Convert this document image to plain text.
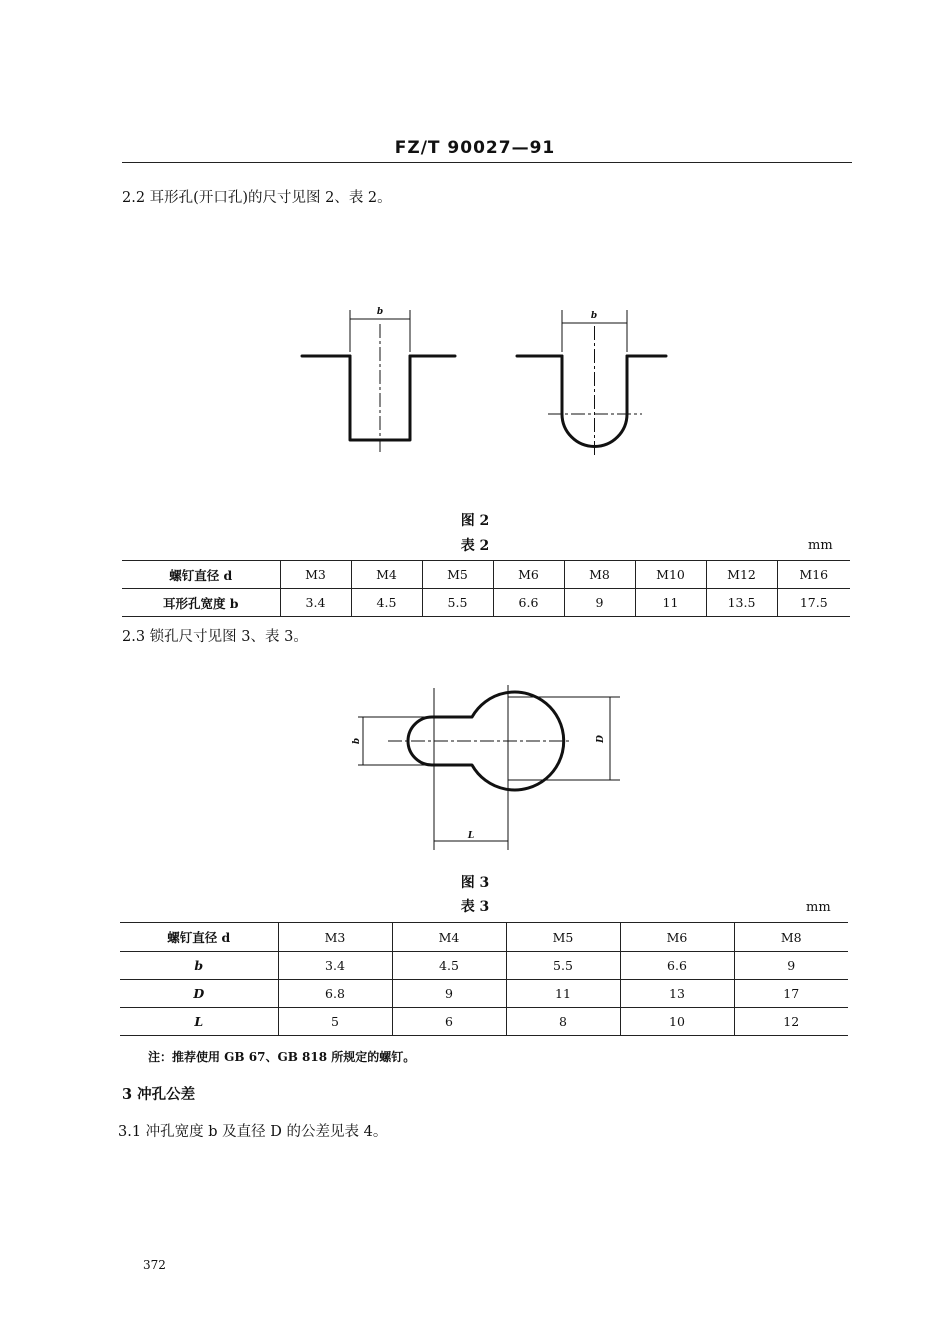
FZ/T 90027—91
2.2 耳形孔(开口孔)的尺寸见图 2、表 2。
b	b
图 2
表 2	mm
螺钉直径 d	M3	M4	M5	M6	M8	M10	M12	M16
耳形孔宽度 b	3.4	4.5	5.5	6.6	9	11	13.5	17.5
2.3 锁孔尺寸见图 3、表 3。
b	D
L
图 3
表 3	mm
螺钉直径 d	M3	M4	M5	M6	M8
b	3.4	4.5	5.5	6.6	9
D	6.8	9	11	13	17
L	5	6	8	10	12
注：推荐使用 GB 67、GB 818 所规定的螺钉。
3 冲孔公差
3.1 冲孔宽度 b 及直径 D 的公差见表 4。
372
